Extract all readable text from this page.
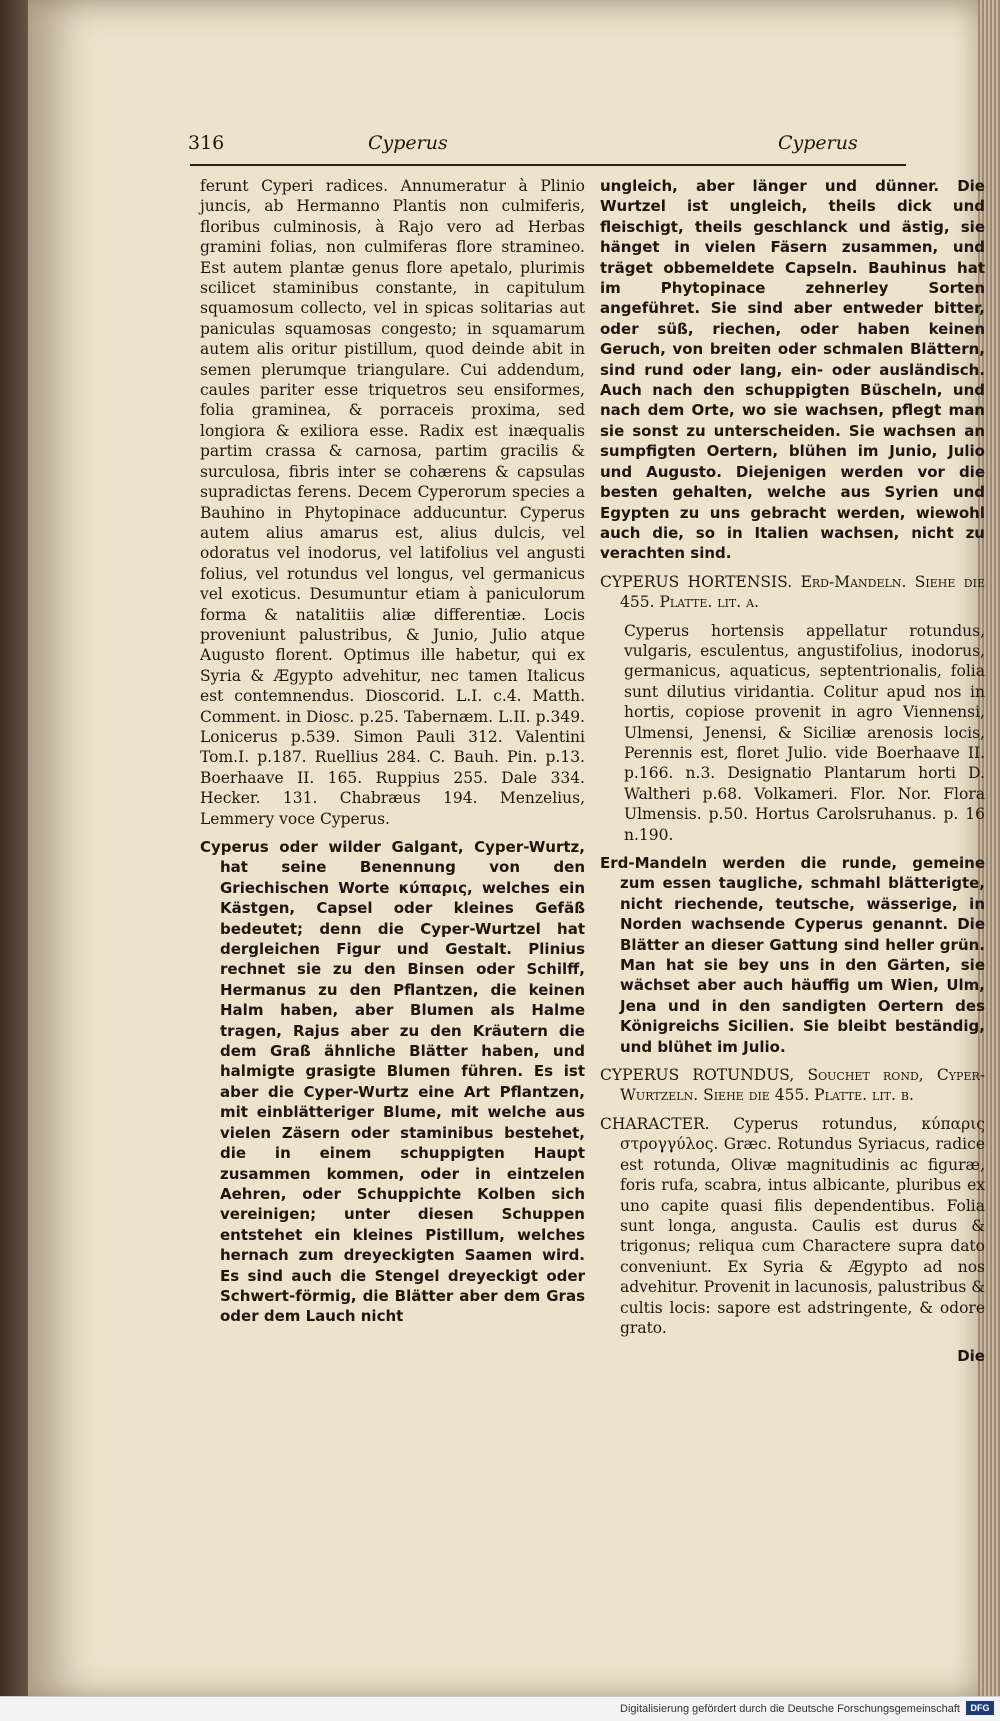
316	Cyperus	Cyperus

ferunt Cyperi radices. Annumeratur à Plinio juncis, ab Hermanno Plantis non culmiferis, floribus culminosis, à Rajo vero ad Herbas gramini folias, non culmiferas flore stramineo. Est autem plantæ genus flore apetalo, plurimis scilicet staminibus constante, in capitulum squamosum collecto, vel in spicas solitarias aut paniculas squamosas congesto; in squamarum autem alis oritur pistillum, quod deinde abit in semen plerumque triangulare. Cui addendum, caules pariter esse triquetros seu ensiformes, folia graminea, & porraceis proxima, sed longiora & exiliora esse. Radix est inæqualis partim crassa & carnosa, partim gracilis & surculosa, fibris inter se cohærens & capsulas supradictas ferens. Decem Cyperorum species a Bauhino in Phytopinace adducuntur. Cyperus autem alius amarus est, alius dulcis, vel odoratus vel inodorus, vel latifolius vel angusti folius, vel rotundus vel longus, vel germanicus vel exoticus. Desumuntur etiam à paniculorum forma & natalitiis aliæ differentiæ. Locis proveniunt palustribus, & Junio, Julio atque Augusto florent. Optimus ille habetur, qui ex Syria & Ægypto advehitur, nec tamen Italicus est contemnendus. Dioscorid. L.I. c.4. Matth. Comment. in Diosc. p.25. Tabernæm. L.II. p.349. Lonicerus p.539. Simon Pauli 312. Valentini Tom.I. p.187. Ruellius 284. C. Bauh. Pin. p.13. Boerhaave II. 165. Ruppius 255. Dale 334. Hecker. 131. Chabræus 194. Menzelius, Lemmery voce Cyperus.

Cyperus oder wilder Galgant, Cyper-Wurtz, hat seine Benennung von den Griechischen Worte κύπαρις, welches ein Kästgen, Capsel oder kleines Gefäß bedeutet; denn die Cyper-Wurtzel hat dergleichen Figur und Gestalt. Plinius rechnet sie zu den Binsen oder Schilff, Hermanus zu den Pflantzen, die keinen Halm haben, aber Blumen als Halme tragen, Rajus aber zu den Kräutern die dem Graß ähnliche Blätter haben, und halmigte grasigte Blumen führen. Es ist aber die Cyper-Wurtz eine Art Pflantzen, mit einblätteriger Blume, mit welche aus vielen Zäsern oder staminibus bestehet, die in einem schuppigten Haupt zusammen kommen, oder in eintzelen Aehren, oder Schuppichte Kolben sich vereinigen; unter diesen Schuppen entstehet ein kleines Pistillum, welches hernach zum dreyeckigten Saamen wird. Es sind auch die Stengel dreyeckigt oder Schwert-förmig, die Blätter aber dem Gras oder dem Lauch nicht

ungleich, aber länger und dünner. Die Wurtzel ist ungleich, theils dick und fleischigt, theils geschlanck und ästig, sie hänget in vielen Fäsern zusammen, und träget obbemeldete Capseln. Bauhinus hat im Phytopinace zehnerley Sorten angeführet. Sie sind aber entweder bitter, oder süß, riechen, oder haben keinen Geruch, von breiten oder schmalen Blättern, sind rund oder lang, ein- oder ausländisch. Auch nach den schuppigten Büscheln, und nach dem Orte, wo sie wachsen, pflegt man sie sonst zu unterscheiden. Sie wachsen an sumpfigten Oertern, blühen im Junio, Julio und Augusto. Diejenigen werden vor die besten gehalten, welche aus Syrien und Egypten zu uns gebracht werden, wiewohl auch die, so in Italien wachsen, nicht zu verachten sind.

CYPERUS HORTENSIS. Erd-Mandeln. Siehe die 455. Platte. lit. a.

Cyperus hortensis appellatur rotundus, vulgaris, esculentus, angustifolius, inodorus, germanicus, aquaticus, septentrionalis, folia sunt dilutius viridantia. Colitur apud nos in hortis, copiose provenit in agro Viennensi, Ulmensi, Jenensi, & Siciliæ arenosis locis, Perennis est, floret Julio. vide Boerhaave II. p.166. n.3. Designatio Plantarum horti D. Waltheri p.68. Volkameri. Flor. Nor. Flora Ulmensis. p.50. Hortus Carolsruhanus. p. 16 n.190.

Erd-Mandeln werden die runde, gemeine zum essen taugliche, schmahl blätterigte, nicht riechende, teutsche, wässerige, in Norden wachsende Cyperus genannt. Die Blätter an dieser Gattung sind heller grün. Man hat sie bey uns in den Gärten, sie wächset aber auch häuffig um Wien, Ulm, Jena und in den sandigten Oertern des Königreichs Sicilien. Sie bleibt beständig, und blühet im Julio.

CYPERUS ROTUNDUS, Souchet rond, Cyper-Wurtzeln. Siehe die 455. Platte. lit. b.

CHARACTER. Cyperus rotundus, κύπαρις στρογγύλος. Græc. Rotundus Syriacus, radice est rotunda, Olivæ magnitudinis ac figuræ, foris rufa, scabra, intus albicante, pluribus ex uno capite quasi filis dependentibus. Folia sunt longa, angusta. Caulis est durus & trigonus; reliqua cum Charactere supra dato conveniunt. Ex Syria & Ægypto ad nos advehitur. Provenit in lacunosis, palustribus & cultis locis: sapore est adstringente, & odore grato.

Die

Digitalisierung gefördert durch die Deutsche Forschungsgemeinschaft	DFG
